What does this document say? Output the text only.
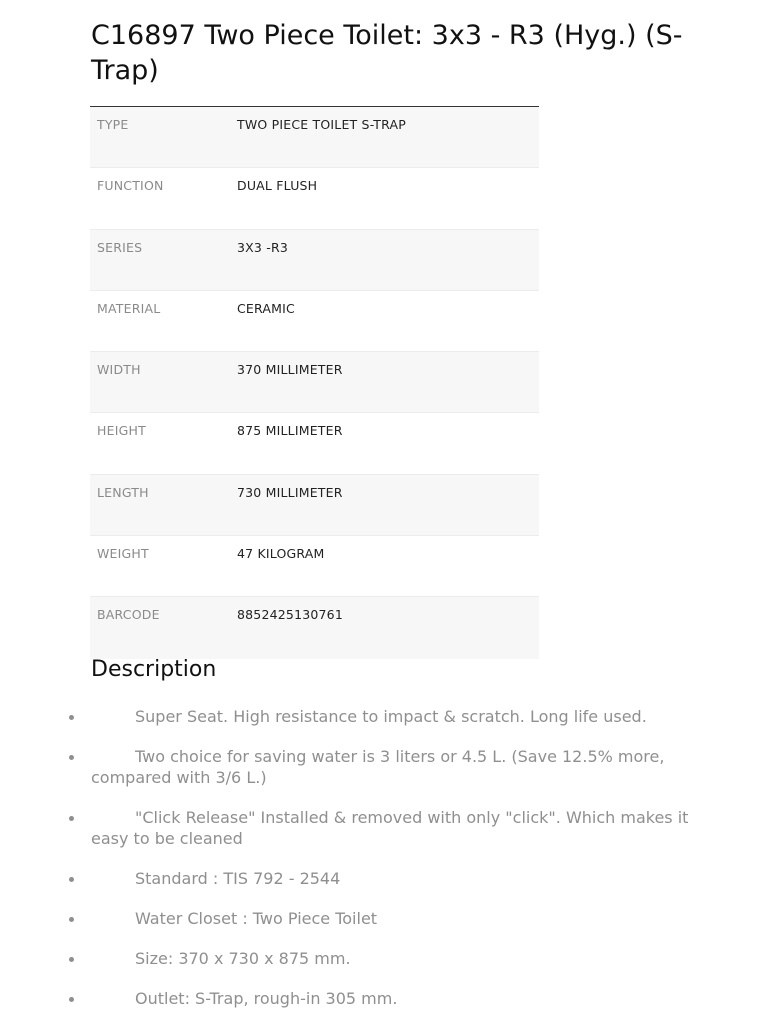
C16897 Two Piece Toilet: 3x3 - R3 (Hyg.) (S-Trap)
TYPE	TWO PIECE TOILET S-TRAP
FUNCTION	DUAL FLUSH
SERIES	3X3 -R3
MATERIAL	CERAMIC
WIDTH	370 MILLIMETER
HEIGHT	875 MILLIMETER
LENGTH	730 MILLIMETER
WEIGHT	47 KILOGRAM
BARCODE	8852425130761
Description
Super Seat. High resistance to impact & scratch. Long life used.
Two choice for saving water is 3 liters or 4.5 L. (Save 12.5% more, compared with 3/6 L.)
"Click Release" Installed & removed with only "click". Which makes it easy to be cleaned
Standard : TIS 792 - 2544
Water Closet : Two Piece Toilet
Size: 370 x 730 x 875 mm.
Outlet: S-Trap, rough-in 305 mm.
